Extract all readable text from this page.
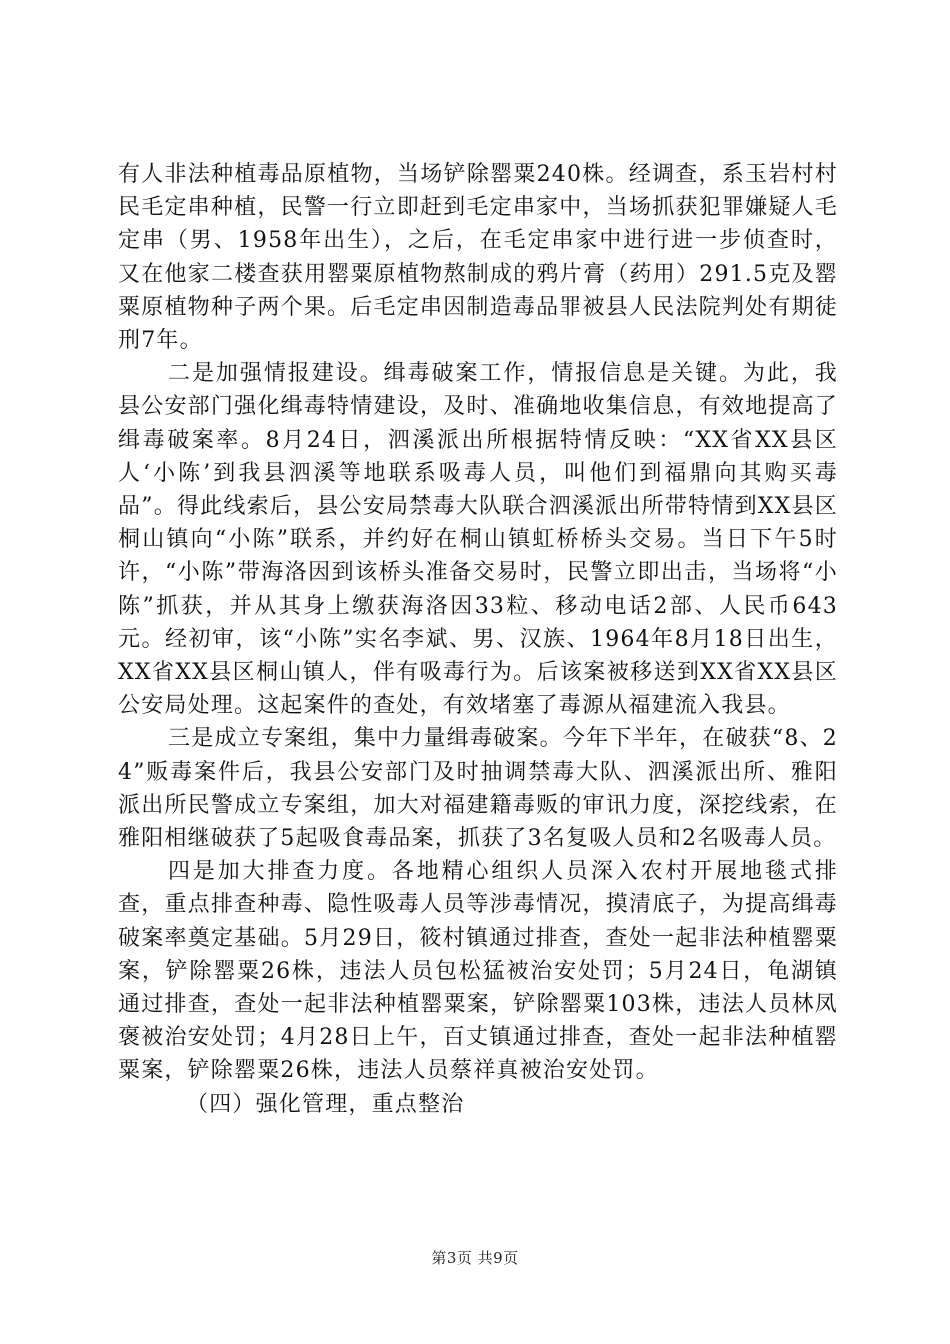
有人非法种植毒品原植物，当场铲除罂粟240株。经调查，系玉岩村村民毛定串种植，民警一行立即赶到毛定串家中，当场抓获犯罪嫌疑人毛定串（男、1958年出生），之后，在毛定串家中进行进一步侦查时，又在他家二楼查获用罂粟原植物熬制成的鸦片膏（药用）291.5克及罂粟原植物种子两个果。后毛定串因制造毒品罪被县人民法院判处有期徒刑7年。

二是加强情报建设。缉毒破案工作，情报信息是关键。为此，我县公安部门强化缉毒特情建设，及时、准确地收集信息，有效地提高了缉毒破案率。8月24日，泗溪派出所根据特情反映：“XX省XX县区人‘小陈’到我县泗溪等地联系吸毒人员，叫他们到福鼎向其购买毒品”。得此线索后，县公安局禁毒大队联合泗溪派出所带特情到XX县区桐山镇向“小陈”联系，并约好在桐山镇虹桥桥头交易。当日下午5时许，“小陈”带海洛因到该桥头准备交易时，民警立即出击，当场将“小陈”抓获，并从其身上缴获海洛因33粒、移动电话2部、人民币643元。经初审，该“小陈”实名李斌、男、汉族、1964年8月18日出生，XX省XX县区桐山镇人，伴有吸毒行为。后该案被移送到XX省XX县区公安局处理。这起案件的查处，有效堵塞了毒源从福建流入我县。

三是成立专案组，集中力量缉毒破案。今年下半年，在破获“8、24”贩毒案件后，我县公安部门及时抽调禁毒大队、泗溪派出所、雅阳派出所民警成立专案组，加大对福建籍毒贩的审讯力度，深挖线索，在雅阳相继破获了5起吸食毒品案，抓获了3名复吸人员和2名吸毒人员。

四是加大排查力度。各地精心组织人员深入农村开展地毯式排查，重点排查种毒、隐性吸毒人员等涉毒情况，摸清底子，为提高缉毒破案率奠定基础。5月29日，筱村镇通过排查，查处一起非法种植罂粟案，铲除罂粟26株，违法人员包松猛被治安处罚；5月24日，龟湖镇通过排查，查处一起非法种植罂粟案，铲除罂粟103株，违法人员林凤褒被治安处罚；4月28日上午，百丈镇通过排查，查处一起非法种植罂粟案，铲除罂粟26株，违法人员蔡祥真被治安处罚。

（四）强化管理，重点整治

第3页 共9页
